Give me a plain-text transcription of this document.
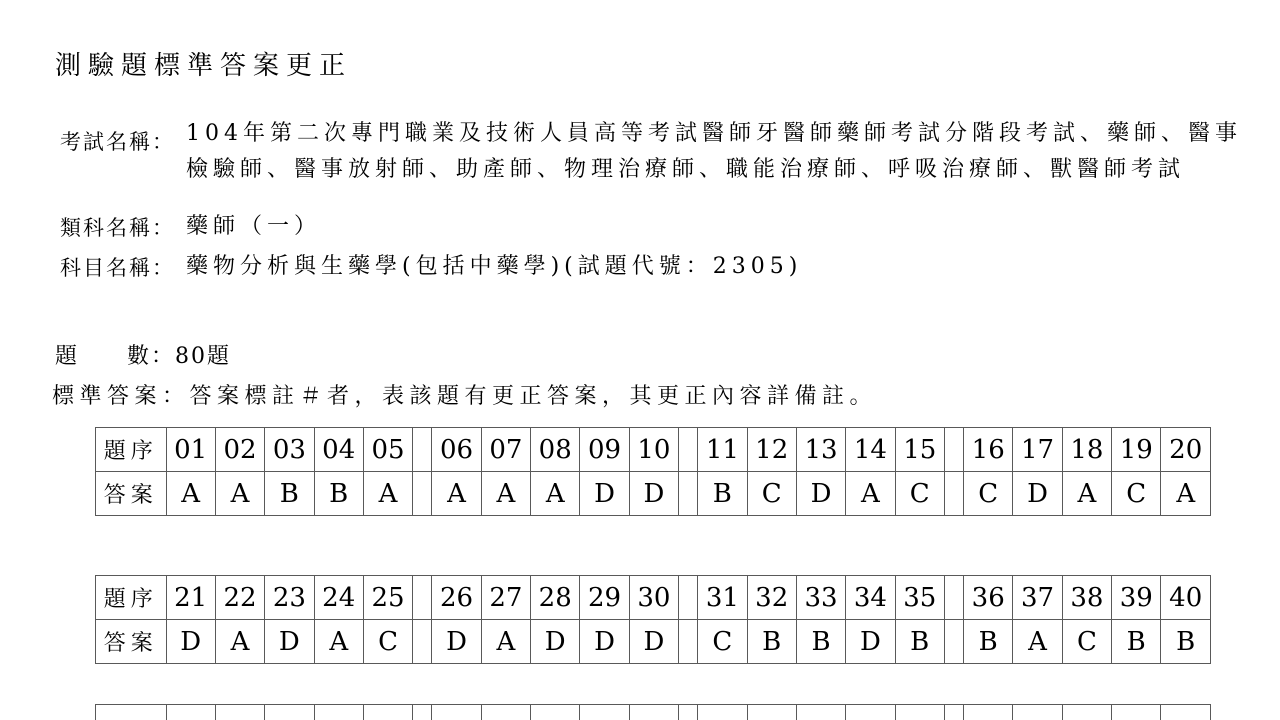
測驗題標準答案更正
考試名稱： 104年第二次專門職業及技術人員高等考試醫師牙醫師藥師考試分階段考試、藥師、醫事
檢驗師、醫事放射師、助產師、物理治療師、職能治療師、呼吸治療師、獸醫師考試
類科名稱： 藥師（一）
科目名稱： 藥物分析與生藥學(包括中藥學)(試題代號：2305)
題　　數：80題
標準答案：答案標註＃者，表該題有更正答案，其更正內容詳備註。
題序	01	02	03	04	05		06	07	08	09	10		11	12	13	14	15		16	17	18	19	20
答案	A	A	B	B	A		A	A	A	D	D		B	C	D	A	C		C	D	A	C	A
題序	21	22	23	24	25		26	27	28	29	30		31	32	33	34	35		36	37	38	39	40
答案	D	A	D	A	C		D	A	D	D	D		C	B	B	D	B		B	A	C	B	B
